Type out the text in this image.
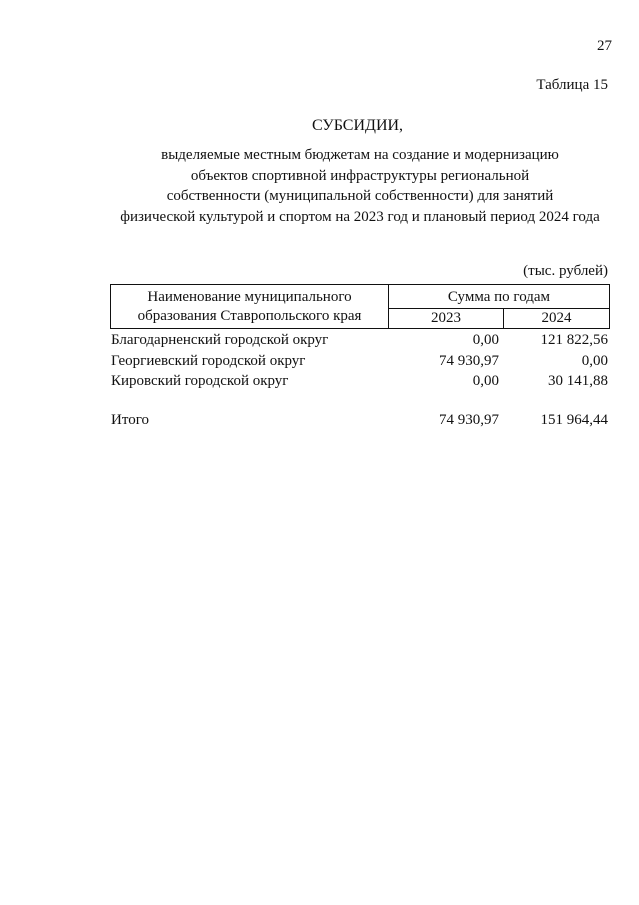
27
Таблица 15
СУБСИДИИ,
выделяемые местным бюджетам на создание и модернизацию
объектов спортивной инфраструктуры региональной
собственности (муниципальной собственности) для занятий
физической культурой и спортом на 2023 год и плановый период 2024 года
(тыс. рублей)
Наименование муниципального
образования Ставропольского края
Сумма по годам
2023	2024
Благодарненский городской округ	0,00	121 822,56
Георгиевский городской округ	74 930,97	0,00
Кировский городской округ	0,00	30 141,88
Итого	74 930,97	151 964,44
